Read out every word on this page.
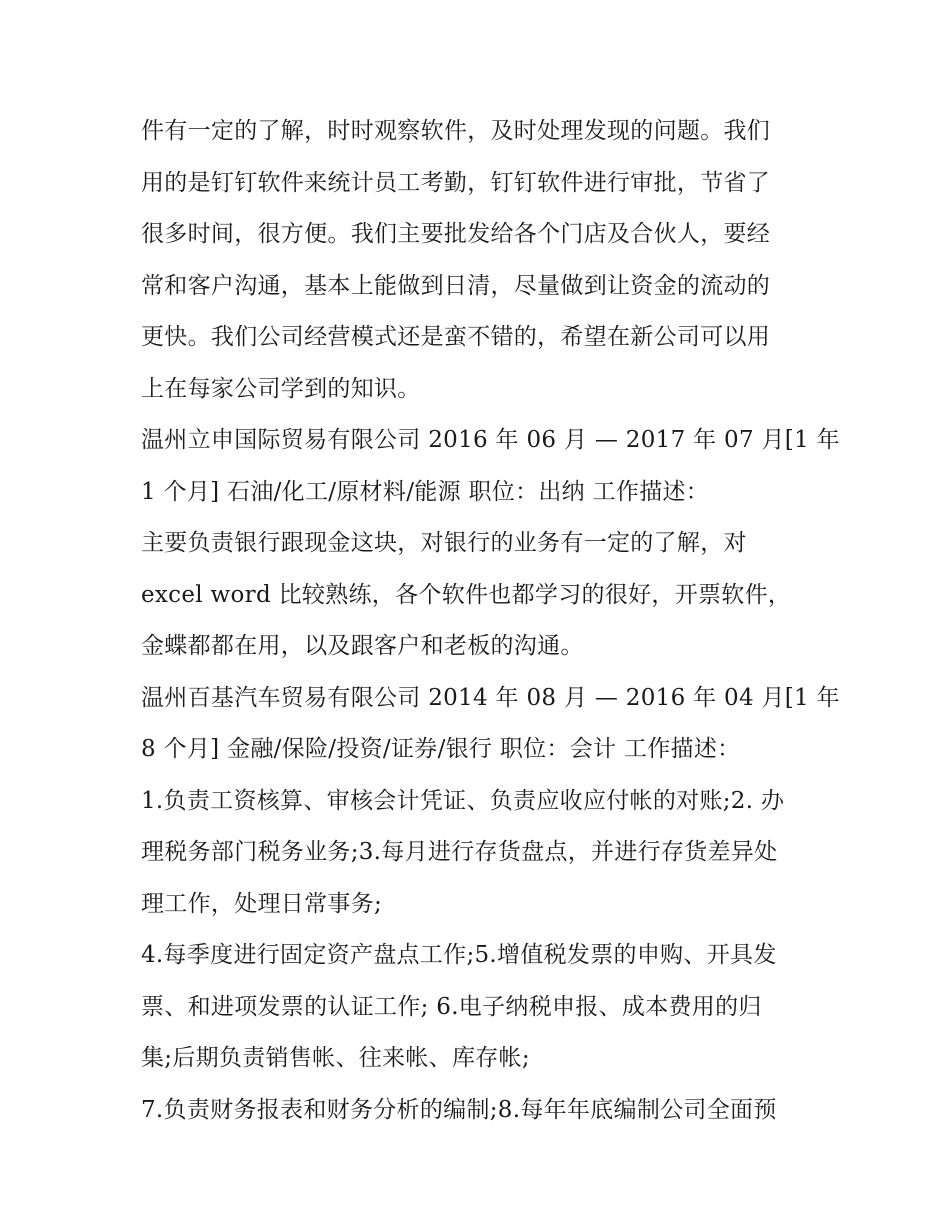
件有一定的了解，时时观察软件，及时处理发现的问题。我们
用的是钉钉软件来统计员工考勤，钉钉软件进行审批，节省了
很多时间，很方便。我们主要批发给各个门店及合伙人，要经
常和客户沟通，基本上能做到日清，尽量做到让资金的流动的
更快。我们公司经营模式还是蛮不错的，希望在新公司可以用
上在每家公司学到的知识。
温州立申国际贸易有限公司 2016 年 06 月 — 2017 年 07 月[1 年
1 个月] 石油/化工/原材料/能源 职位：出纳 工作描述：
主要负责银行跟现金这块，对银行的业务有一定的了解，对
excel word 比较熟练，各个软件也都学习的很好，开票软件，
金蝶都都在用，以及跟客户和老板的沟通。
温州百基汽车贸易有限公司 2014 年 08 月 — 2016 年 04 月[1 年
8 个月] 金融/保险/投资/证券/银行 职位：会计 工作描述：
1.负责工资核算、审核会计凭证、负责应收应付帐的对账;2. 办
理税务部门税务业务;3.每月进行存货盘点，并进行存货差异处
理工作，处理日常事务;
4.每季度进行固定资产盘点工作;5.增值税发票的申购、开具发
票、和进项发票的认证工作; 6.电子纳税申报、成本费用的归
集;后期负责销售帐、往来帐、库存帐;
7.负责财务报表和财务分析的编制;8.每年年底编制公司全面预
